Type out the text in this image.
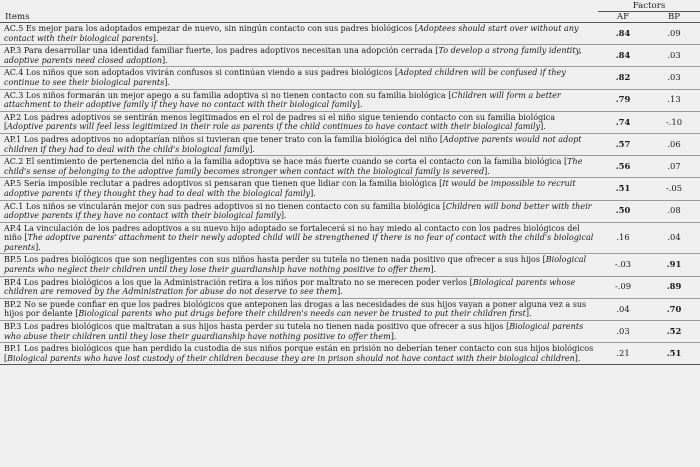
	Factors	
Items	AF	BP
AC.5 Es mejor para los adoptados empezar de nuevo, sin ningún contacto con sus padres biológicos [Adoptees should start over without any contact with their biological parents].	.84	.09
AP.3 Para desarrollar una identidad familiar fuerte, los padres adoptivos necesitan una adopción cerrada [To develop a strong family identity, adoptive parents need closed adoption].	.84	.03
AC.4 Los niños que son adoptados vivirán confusos si continúan viendo a sus padres biológicos [Adopted children will be confused if they continue to see their biological parents].	.82	.03
AC.3 Los niños formarán un mejor apego a su familia adoptiva si no tienen contacto con su familia biológica [Children will form a better attachment to their adoptive family if they have no contact with their biological family].	.79	.13
AP.2 Los padres adoptivos se sentirán menos legitimados en el rol de padres si el niño sigue teniendo contacto con su familia biológica [Adoptive parents will feel less legitimized in their role as parents if the child continues to have contact with their biological family].	.74	-.10
AP.1 Los padres adoptivos no adoptarían niños si tuvieran que tener trato con la familia biológica del niño [Adoptive parents would not adopt children if they had to deal with the child's biological family].	.57	.06
AC.2 El sentimiento de pertenencia del niño a la familia adoptiva se hace más fuerte cuando se corta el contacto con la familia biológica [The child's sense of belonging to the adoptive family becomes stronger when contact with the biological family is severed].	.56	.07
AP.5 Sería imposible reclutar a padres adoptivos si pensaran que tienen que lidiar con la familia biológica [It would be impossible to recruit adoptive parents if they thought they had to deal with the biological family].	.51	-.05
AC.1 Los niños se vincularán mejor con sus padres adoptivos si no tienen contacto con su familia biológica [Children will bond better with their adoptive parents if they have no contact with their biological family].	.50	.08
AP.4 La vinculación de los padres adoptivos a su nuevo hijo adoptado se fortalecerá si no hay miedo al contacto con los padres biológicos del niño [The adoptive parents' attachment to their newly adopted child will be strengthened if there is no fear of contact with the child's biological parents].	.16	.04
BP.5 Los padres biológicos que son negligentes con sus niños hasta perder su tutela no tienen nada positivo que ofrecer a sus hijos [Biological parents who neglect their children until they lose their guardianship have nothing positive to offer them].	-.03	.91
BP.4 Los padres biológicos a los que la Administración retira a los niños por maltrato no se merecen poder verlos [Biological parents whose children are removed by the Administration for abuse do not deserve to see them].	-.09	.89
BP.2 No se puede confiar en que los padres biológicos que anteponen las drogas a las necesidades de sus hijos vayan a poner alguna vez a sus hijos por delante [Biological parents who put drugs before their children's needs can never be trusted to put their children first].	.04	.70
BP.3 Los padres biológicos que maltratan a sus hijos hasta perder su tutela no tienen nada positivo que ofrecer a sus hijos [Biological parents who abuse their children until they lose their guardianship have nothing positive to offer them].	.03	.52
BP.1 Los padres biológicos que han perdido la custodia de sus niños porque están en prisión no deberían tener contacto con sus hijos biológicos [Biological parents who have lost custody of their children because they are in prison should not have contact with their biological children].	.21	.51
